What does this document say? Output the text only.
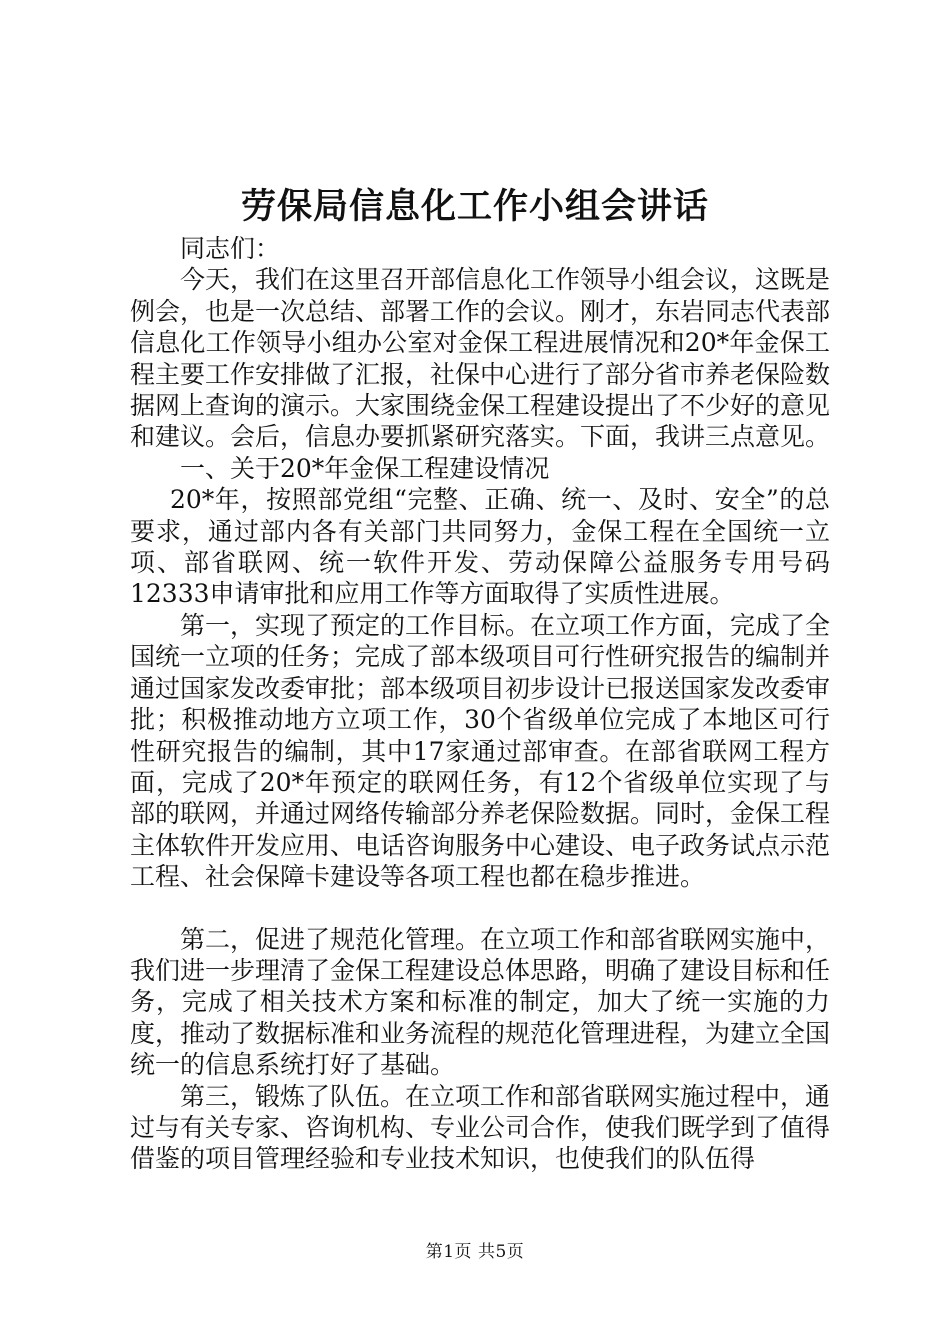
劳保局信息化工作小组会讲话

同志们：

今天，我们在这里召开部信息化工作领导小组会议，这既是例会，也是一次总结、部署工作的会议。刚才，东岩同志代表部信息化工作领导小组办公室对金保工程进展情况和20*年金保工程主要工作安排做了汇报，社保中心进行了部分省市养老保险数据网上查询的演示。大家围绕金保工程建设提出了不少好的意见和建议。会后，信息办要抓紧研究落实。下面，我讲三点意见。

一、关于20*年金保工程建设情况

20*年，按照部党组“完整、正确、统一、及时、安全”的总要求，通过部内各有关部门共同努力，金保工程在全国统一立项、部省联网、统一软件开发、劳动保障公益服务专用号码12333申请审批和应用工作等方面取得了实质性进展。

第一，实现了预定的工作目标。在立项工作方面，完成了全国统一立项的任务；完成了部本级项目可行性研究报告的编制并通过国家发改委审批；部本级项目初步设计已报送国家发改委审批；积极推动地方立项工作，30个省级单位完成了本地区可行性研究报告的编制，其中17家通过部审查。在部省联网工程方面，完成了20*年预定的联网任务，有12个省级单位实现了与部的联网，并通过网络传输部分养老保险数据。同时，金保工程主体软件开发应用、电话咨询服务中心建设、电子政务试点示范工程、社会保障卡建设等各项工程也都在稳步推进。

第二，促进了规范化管理。在立项工作和部省联网实施中，我们进一步理清了金保工程建设总体思路，明确了建设目标和任务，完成了相关技术方案和标准的制定，加大了统一实施的力度，推动了数据标准和业务流程的规范化管理进程，为建立全国统一的信息系统打好了基础。

第三，锻炼了队伍。在立项工作和部省联网实施过程中，通过与有关专家、咨询机构、专业公司合作，使我们既学到了值得借鉴的项目管理经验和专业技术知识，也使我们的队伍得

第1页 共5页
